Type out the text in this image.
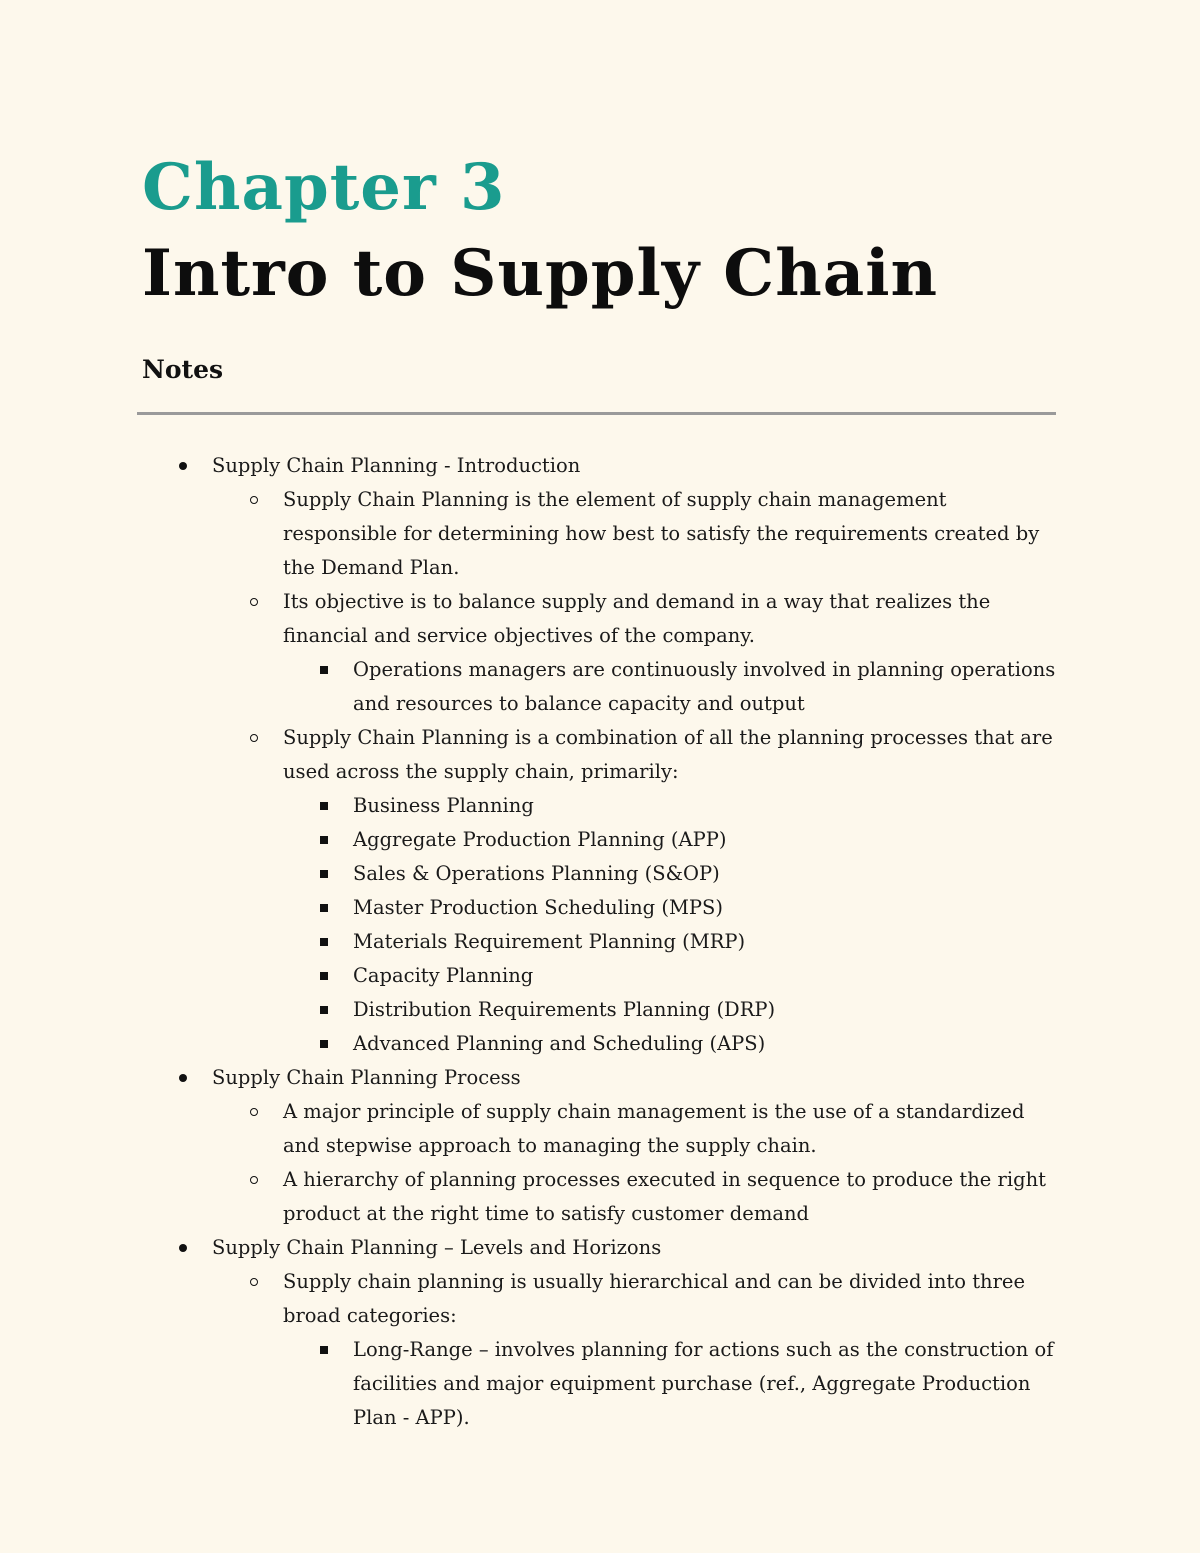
Chapter 3
Intro to Supply Chain
Notes
Supply Chain Planning - Introduction
Supply Chain Planning is the element of supply chain management responsible for determining how best to satisfy the requirements created by the Demand Plan.
Its objective is to balance supply and demand in a way that realizes the financial and service objectives of the company.
Operations managers are continuously involved in planning operations and resources to balance capacity and output
Supply Chain Planning is a combination of all the planning processes that are used across the supply chain, primarily:
Business Planning
Aggregate Production Planning (APP)
Sales & Operations Planning (S&OP)
Master Production Scheduling (MPS)
Materials Requirement Planning (MRP)
Capacity Planning
Distribution Requirements Planning (DRP)
Advanced Planning and Scheduling (APS)
Supply Chain Planning Process
A major principle of supply chain management is the use of a standardized and stepwise approach to managing the supply chain.
A hierarchy of planning processes executed in sequence to produce the right product at the right time to satisfy customer demand
Supply Chain Planning – Levels and Horizons
Supply chain planning is usually hierarchical and can be divided into three broad categories:
Long-Range – involves planning for actions such as the construction of facilities and major equipment purchase (ref., Aggregate Production Plan - APP).
